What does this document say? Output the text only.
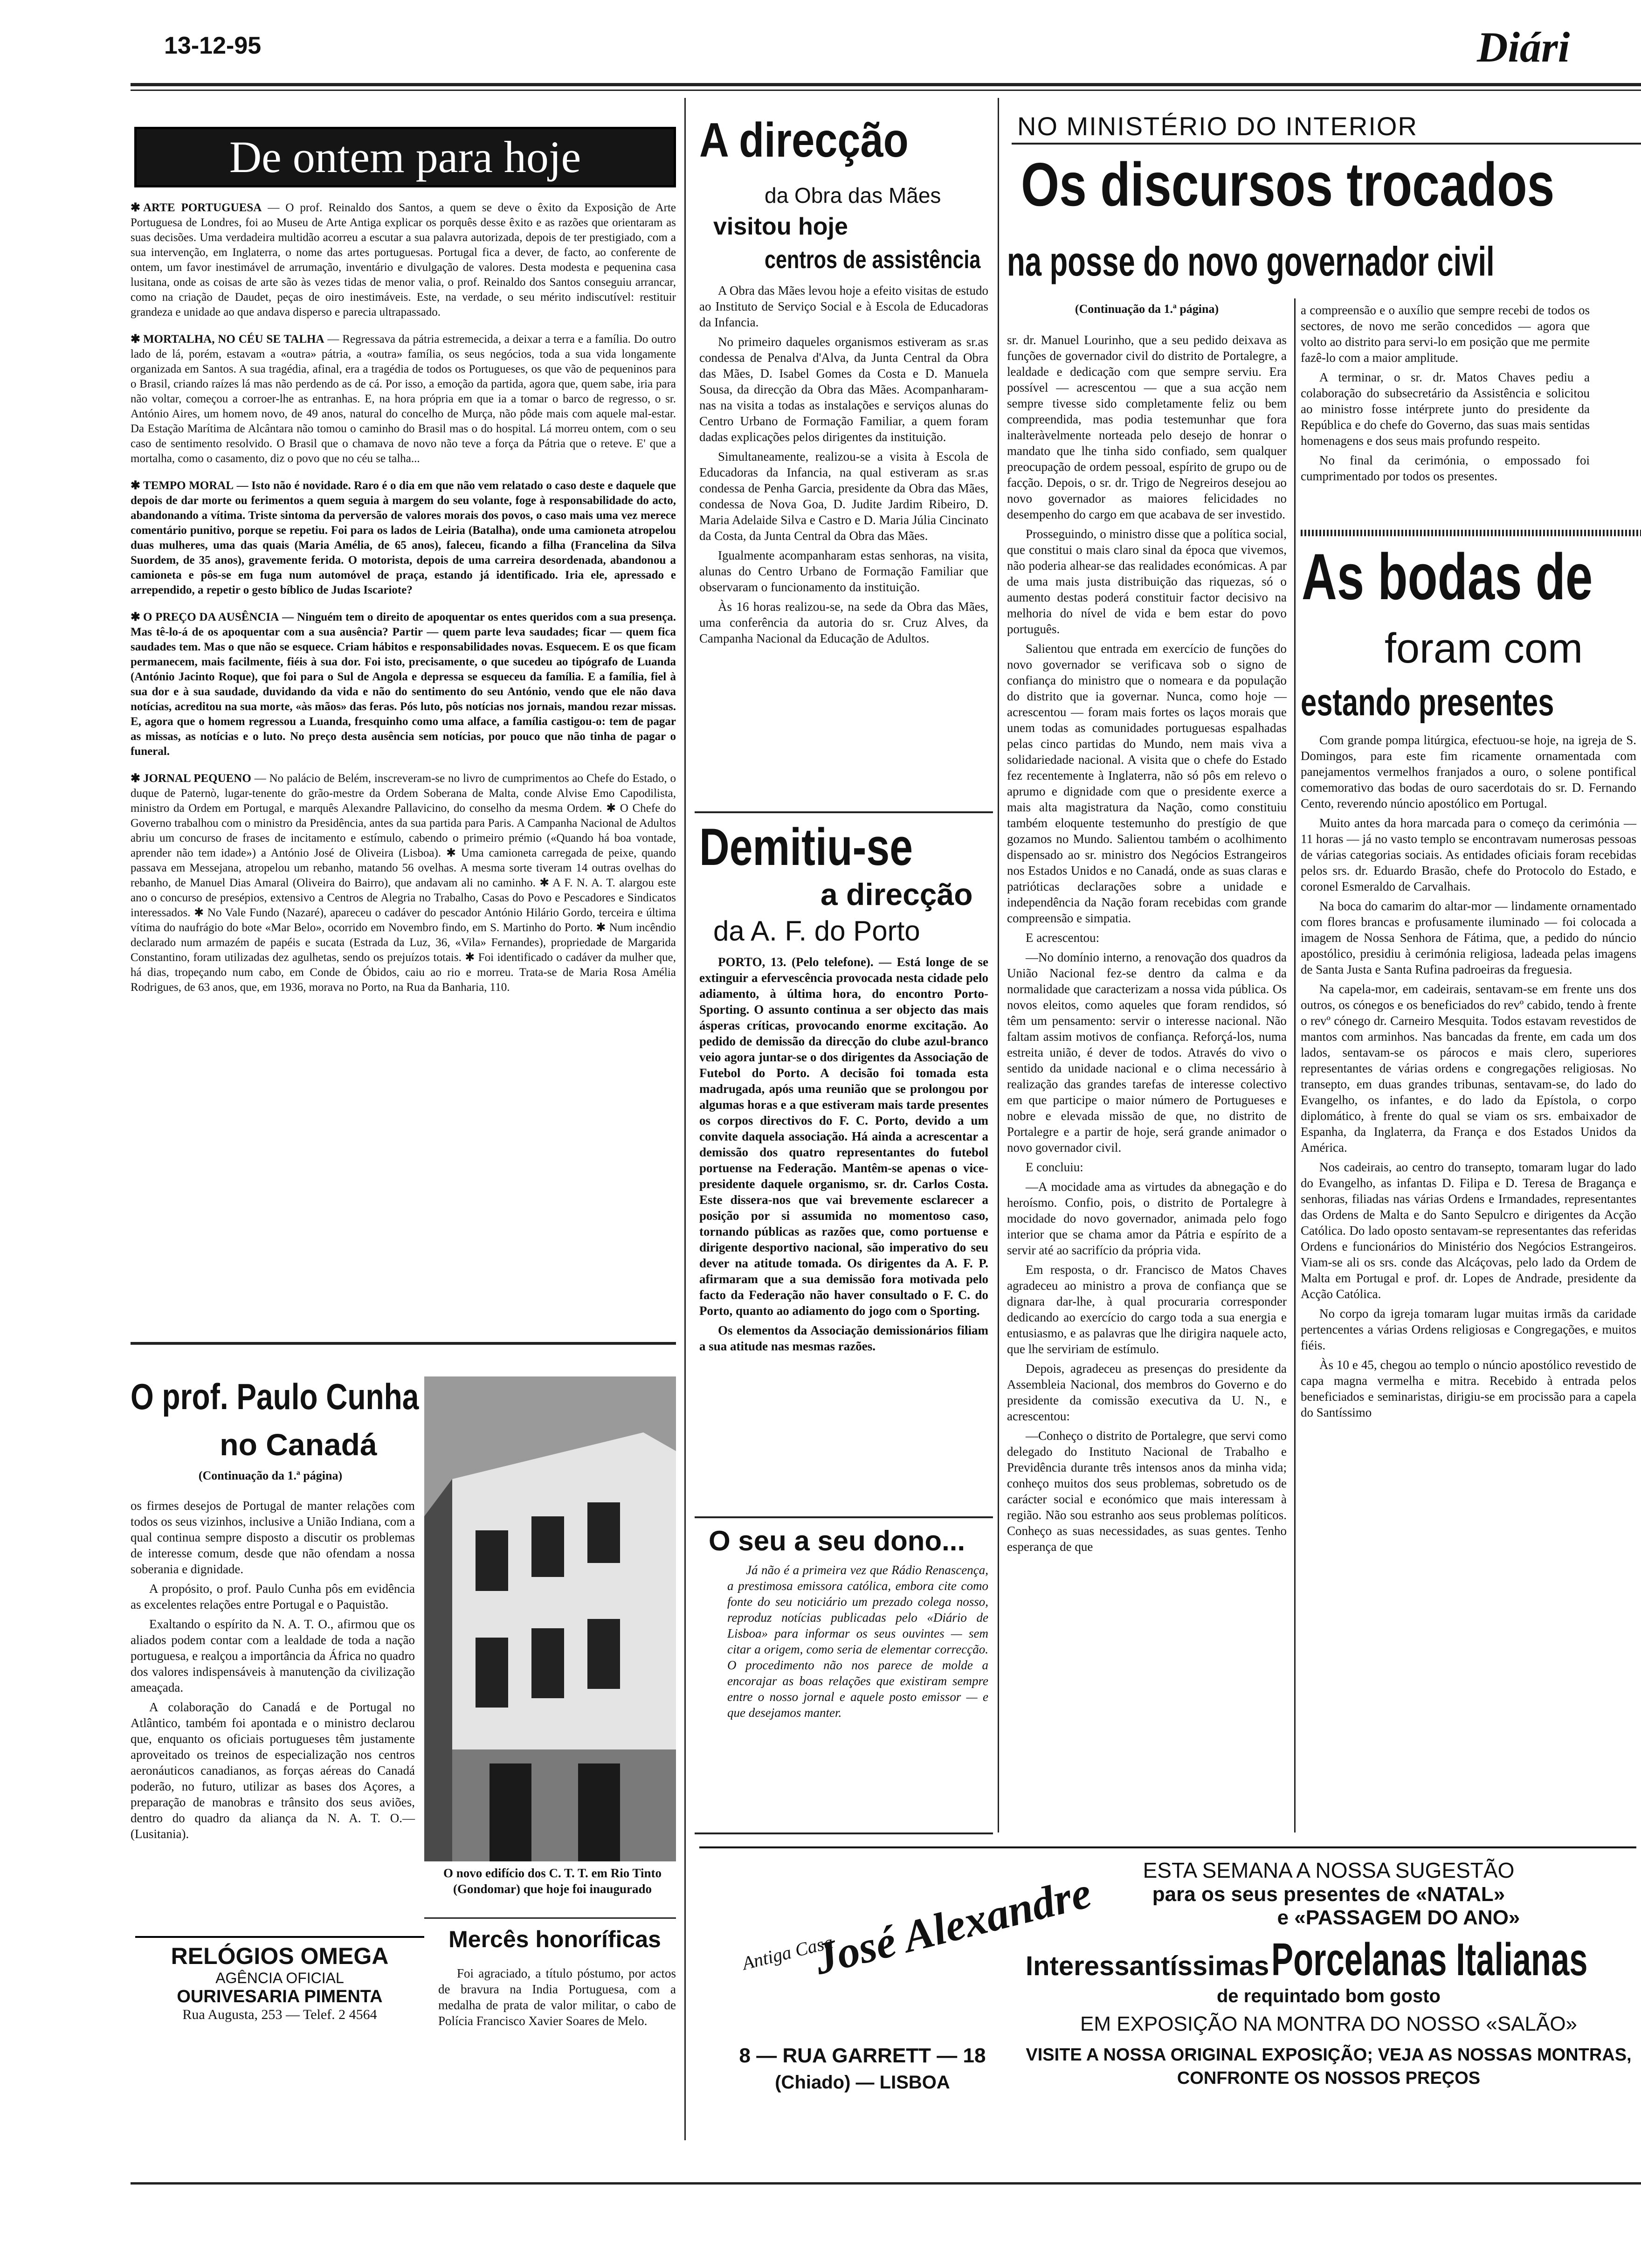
13-12-95	Diári
De ontem para hoje

✱ ARTE PORTUGUESA — O prof. Reinaldo dos Santos, a quem se deve o êxito da Exposição de Arte Portuguesa de Londres, foi ao Museu de Arte Antiga explicar os porquês desse êxito e as razões que orientaram as suas decisões. Uma verdadeira multidão acorreu a escutar a sua palavra autorizada, depois de ter prestigiado, com a sua intervenção, em Inglaterra, o nome das artes portuguesas. Portugal fica a dever, de facto, ao conferente de ontem, um favor inestimável de arrumação, inventário e divulgação de valores. Desta modesta e pequenina casa lusitana, onde as coisas de arte são às vezes tidas de menor valia, o prof. Reinaldo dos Santos conseguiu arrancar, como na criação de Daudet, peças de oiro inestimáveis. Este, na verdade, o seu mérito indiscutível: restituir grandeza e unidade ao que andava disperso e parecia ultrapassado.

✱ MORTALHA, NO CÉU SE TALHA — Regressava da pátria estremecida, a deixar a terra e a família. Do outro lado de lá, porém, estavam a «outra» pátria, a «outra» família, os seus negócios, toda a sua vida longamente organizada em Santos. A sua tragédia, afinal, era a tragédia de todos os Portugueses, os que vão de pequeninos para o Brasil, criando raízes lá mas não perdendo as de cá. Por isso, a emoção da partida, agora que, quem sabe, iria para não voltar, começou a corroer-lhe as entranhas. E, na hora própria em que ia a tomar o barco de regresso, o sr. António Aires, um homem novo, de 49 anos, natural do concelho de Murça, não pôde mais com aquele mal-estar. Da Estação Marítima de Alcântara não tomou o caminho do Brasil mas o do hospital. Lá morreu ontem, com o seu caso de sentimento resolvido. O Brasil que o chamava de novo não teve a força da Pátria que o reteve. E' que a mortalha, como o casamento, diz o povo que no céu se talha...

✱ TEMPO MORAL — Isto não é novidade. Raro é o dia em que não vem relatado o caso deste e daquele que depois de dar morte ou ferimentos a quem seguia à margem do seu volante, foge à responsabilidade do acto, abandonando a vítima. Triste sintoma da perversão de valores morais dos povos, o caso mais uma vez merece comentário punitivo, porque se repetiu. Foi para os lados de Leiria (Batalha), onde uma camioneta atropelou duas mulheres, uma das quais (Maria Amélia, de 65 anos), faleceu, ficando a filha (Francelina da Silva Suordem, de 35 anos), gravemente ferida. O motorista, depois de uma carreira desordenada, abandonou a camioneta e pôs-se em fuga num automóvel de praça, estando já identificado. Iria ele, apressado e arrependido, a repetir o gesto bíblico de Judas Iscariote?

✱ O PREÇO DA AUSÊNCIA — Ninguém tem o direito de apoquentar os entes queridos com a sua presença. Mas tê-lo-á de os apoquentar com a sua ausência? Partir — quem parte leva saudades; ficar — quem fica saudades tem. Mas o que não se esquece. Criam hábitos e responsabilidades novas. Esquecem. E os que ficam permanecem, mais facilmente, fiéis à sua dor. Foi isto, precisamente, o que sucedeu ao tipógrafo de Luanda (António Jacinto Roque), que foi para o Sul de Angola e depressa se esqueceu da família. E a família, fiel à sua dor e à sua saudade, duvidando da vida e não do sentimento do seu António, vendo que ele não dava notícias, acreditou na sua morte, «às mãos» das feras. Pós luto, pôs notícias nos jornais, mandou rezar missas. E, agora que o homem regressou a Luanda, fresquinho como uma alface, a família castigou-o: tem de pagar as missas, as notícias e o luto. No preço desta ausência sem notícias, por pouco que não tinha de pagar o funeral.

✱ JORNAL PEQUENO — No palácio de Belém, inscreveram-se no livro de cumprimentos ao Chefe do Estado, o duque de Paternò, lugar-tenente do grão-mestre da Ordem Soberana de Malta, conde Alvise Emo Capodilista, ministro da Ordem em Portugal, e marquês Alexandre Pallavicino, do conselho da mesma Ordem. ✱ O Chefe do Governo trabalhou com o ministro da Presidência, antes da sua partida para Paris. A Campanha Nacional de Adultos abriu um concurso de frases de incitamento e estímulo, cabendo o primeiro prémio («Quando há boa vontade, aprender não tem idade») a António José de Oliveira (Lisboa). ✱ Uma camioneta carregada de peixe, quando passava em Messejana, atropelou um rebanho, matando 56 ovelhas. A mesma sorte tiveram 14 outras ovelhas do rebanho, de Manuel Dias Amaral (Oliveira do Bairro), que andavam ali no caminho. ✱ A F. N. A. T. alargou este ano o concurso de presépios, extensivo a Centros de Alegria no Trabalho, Casas do Povo e Pescadores e Sindicatos interessados. ✱ No Vale Fundo (Nazaré), apareceu o cadáver do pescador António Hilário Gordo, terceira e última vítima do naufrágio do bote «Mar Belo», ocorrido em Novembro findo, em S. Martinho do Porto. ✱ Num incêndio declarado num armazém de papéis e sucata (Estrada da Luz, 36, «Vila» Fernandes), propriedade de Margarida Constantino, foram utilizadas dez agulhetas, sendo os prejuízos totais. ✱ Foi identificado o cadáver da mulher que, há dias, tropeçando num cabo, em Conde de Óbidos, caiu ao rio e morreu. Trata-se de Maria Rosa Amélia Rodrigues, de 63 anos, que, em 1936, morava no Porto, na Rua da Banharia, 110.

O prof. Paulo Cunha
no Canadá
(Continuação da 1.ª página)

os firmes desejos de Portugal de manter relações com todos os seus vizinhos, inclusive a União Indiana, com a qual continua sempre disposto a discutir os problemas de interesse comum, desde que não ofendam a nossa soberania e dignidade.

A propósito, o prof. Paulo Cunha pôs em evidência as excelentes relações entre Portugal e o Paquistão.

Exaltando o espírito da N. A. T. O., afirmou que os aliados podem contar com a lealdade de toda a nação portuguesa, e realçou a importância da África no quadro dos valores indispensáveis à manutenção da civilização ameaçada.

A colaboração do Canadá e de Portugal no Atlântico, também foi apontada e o ministro declarou que, enquanto os oficiais portugueses têm justamente aproveitado os treinos de especialização nos centros aeronáuticos canadianos, as forças aéreas do Canadá poderão, no futuro, utilizar as bases dos Açores, a preparação de manobras e trânsito dos seus aviões, dentro do quadro da aliança da N. A. T. O.— (Lusitania).

O novo edifício dos C. T. T. em Rio Tinto (Gondomar) que hoje foi inaugurado
RELÓGIOS OMEGA
AGÊNCIA OFICIAL
OURIVESARIA PIMENTA
Rua Augusta, 253 — Telef. 2 4564
Mercês honoríficas
Foi agraciado, a título póstumo, por actos de bravura na India Portuguesa, com a medalha de prata de valor militar, o cabo de Polícia Francisco Xavier Soares de Melo.
A direcção
da Obra das Mães
visitou hoje
centros de assistência

A Obra das Mães levou hoje a efeito visitas de estudo ao Instituto de Serviço Social e à Escola de Educadoras da Infancia.

No primeiro daqueles organismos estiveram as sr.as condessa de Penalva d'Alva, da Junta Central da Obra das Mães, D. Isabel Gomes da Costa e D. Manuela Sousa, da direcção da Obra das Mães. Acompanharam-nas na visita a todas as instalações e serviços alunas do Centro Urbano de Formação Familiar, a quem foram dadas explicações pelos dirigentes da instituição.

Simultaneamente, realizou-se a visita à Escola de Educadoras da Infancia, na qual estiveram as sr.as condessa de Penha Garcia, presidente da Obra das Mães, condessa de Nova Goa, D. Judite Jardim Ribeiro, D. Maria Adelaide Silva e Castro e D. Maria Júlia Cincinato da Costa, da Junta Central da Obra das Mães.

Igualmente acompanharam estas senhoras, na visita, alunas do Centro Urbano de Formação Familiar que observaram o funcionamento da instituição.

Às 16 horas realizou-se, na sede da Obra das Mães, uma conferência da autoria do sr. Cruz Alves, da Campanha Nacional da Educação de Adultos.

Demitiu-se
a direcção
da A. F. do Porto

PORTO, 13. (Pelo telefone). — Está longe de se extinguir a efervescência provocada nesta cidade pelo adiamento, à última hora, do encontro Porto-Sporting. O assunto continua a ser objecto das mais ásperas críticas, provocando enorme excitação. Ao pedido de demissão da direcção do clube azul-branco veio agora juntar-se o dos dirigentes da Associação de Futebol do Porto. A decisão foi tomada esta madrugada, após uma reunião que se prolongou por algumas horas e a que estiveram mais tarde presentes os corpos directivos do F. C. Porto, devido a um convite daquela associação. Há ainda a acrescentar a demissão dos quatro representantes do futebol portuense na Federação. Mantêm-se apenas o vice-presidente daquele organismo, sr. dr. Carlos Costa. Este dissera-nos que vai brevemente esclarecer a posição por si assumida no momentoso caso, tornando públicas as razões que, como portuense e dirigente desportivo nacional, são imperativo do seu dever na atitude tomada. Os dirigentes da A. F. P. afirmaram que a sua demissão fora motivada pelo facto da Federação não haver consultado o F. C. do Porto, quanto ao adiamento do jogo com o Sporting.

Os elementos da Associação demissionários filiam a sua atitude nas mesmas razões.

O seu a seu dono...
Já não é a primeira vez que Rádio Renascença, a prestimosa emissora católica, embora cite como fonte do seu noticiário um prezado colega nosso, reproduz notícias publicadas pelo «Diário de Lisboa» para informar os seus ouvintes — sem citar a origem, como seria de elementar correcção. O procedimento não nos parece de molde a encorajar as boas relações que existiram sempre entre o nosso jornal e aquele posto emissor — e que desejamos manter.
NO MINISTÉRIO DO INTERIOR
Os discursos trocados
na posse do novo governador civil
(Continuação da 1.ª página)

sr. dr. Manuel Lourinho, que a seu pedido deixava as funções de governador civil do distrito de Portalegre, a lealdade e dedicação com que sempre serviu. Era possível — acrescentou — que a sua acção nem sempre tivesse sido completamente feliz ou bem compreendida, mas podia testemunhar que fora inalteràvelmente norteada pelo desejo de honrar o mandato que lhe tinha sido confiado, sem qualquer preocupação de ordem pessoal, espírito de grupo ou de facção. Depois, o sr. dr. Trigo de Negreiros desejou ao novo governador as maiores felicidades no desempenho do cargo em que acabava de ser investido.

Prosseguindo, o ministro disse que a política social, que constitui o mais claro sinal da época que vivemos, não poderia alhear-se das realidades económicas. A par de uma mais justa distribuição das riquezas, só o aumento destas poderá constituir factor decisivo na melhoria do nível de vida e bem estar do povo português.

Salientou que entrada em exercício de funções do novo governador se verificava sob o signo de confiança do ministro que o nomeara e da população do distrito que ia governar. Nunca, como hoje — acrescentou — foram mais fortes os laços morais que unem todas as comunidades portuguesas espalhadas pelas cinco partidas do Mundo, nem mais viva a solidariedade nacional. A visita que o chefe do Estado fez recentemente à Inglaterra, não só pôs em relevo o aprumo e dignidade com que o presidente exerce a mais alta magistratura da Nação, como constituiu também eloquente testemunho do prestígio de que gozamos no Mundo. Salientou também o acolhimento dispensado ao sr. ministro dos Negócios Estrangeiros nos Estados Unidos e no Canadá, onde as suas claras e patrióticas declarações sobre a unidade e independência da Nação foram recebidas com grande compreensão e simpatia.

E acrescentou:

—No domínio interno, a renovação dos quadros da União Nacional fez-se dentro da calma e da normalidade que caracterizam a nossa vida pública. Os novos eleitos, como aqueles que foram rendidos, só têm um pensamento: servir o interesse nacional. Não faltam assim motivos de confiança. Reforçá-los, numa estreita união, é dever de todos. Através do vivo o sentido da unidade nacional e o clima necessário à realização das grandes tarefas de interesse colectivo em que participe o maior número de Portugueses e nobre e elevada missão de que, no distrito de Portalegre e a partir de hoje, será grande animador o novo governador civil.

E concluiu:

—A mocidade ama as virtudes da abnegação e do heroísmo. Confio, pois, o distrito de Portalegre à mocidade do novo governador, animada pelo fogo interior que se chama amor da Pátria e espírito de a servir até ao sacrifício da própria vida.

Em resposta, o dr. Francisco de Matos Chaves agradeceu ao ministro a prova de confiança que se dignara dar-lhe, à qual procuraria corresponder dedicando ao exercício do cargo toda a sua energia e entusiasmo, e as palavras que lhe dirigira naquele acto, que lhe serviriam de estímulo.

Depois, agradeceu as presenças do presidente da Assembleia Nacional, dos membros do Governo e do presidente da comissão executiva da U. N., e acrescentou:

—Conheço o distrito de Portalegre, que servi como delegado do Instituto Nacional de Trabalho e Previdência durante três intensos anos da minha vida; conheço muitos dos seus problemas, sobretudo os de carácter social e económico que mais interessam à região. Não sou estranho aos seus problemas políticos. Conheço as suas necessidades, as suas gentes. Tenho esperança de que

a compreensão e o auxílio que sempre recebi de todos os sectores, de novo me serão concedidos — agora que volto ao distrito para servi-lo em posição que me permite fazê-lo com a maior amplitude.

A terminar, o sr. dr. Matos Chaves pediu a colaboração do subsecretário da Assistência e solicitou ao ministro fosse intérprete junto do presidente da República e do chefe do Governo, das suas mais sentidas homenagens e dos seus mais profundo respeito.

No final da cerimónia, o empossado foi cumprimentado por todos os presentes.

As bodas de
foram com
estando presentes

Com grande pompa litúrgica, efectuou-se hoje, na igreja de S. Domingos, para este fim ricamente ornamentada com panejamentos vermelhos franjados a ouro, o solene pontifical comemorativo das bodas de ouro sacerdotais do sr. D. Fernando Cento, reverendo núncio apostólico em Portugal.

Muito antes da hora marcada para o começo da cerimónia — 11 horas — já no vasto templo se encontravam numerosas pessoas de várias categorias sociais. As entidades oficiais foram recebidas pelos srs. dr. Eduardo Brasão, chefe do Protocolo do Estado, e coronel Esmeraldo de Carvalhais.

Na boca do camarim do altar-mor — lindamente ornamentado com flores brancas e profusamente iluminado — foi colocada a imagem de Nossa Senhora de Fátima, que, a pedido do núncio apostólico, presidiu à cerimónia religiosa, ladeada pelas imagens de Santa Justa e Santa Rufina padroeiras da freguesia.

Na capela-mor, em cadeirais, sentavam-se em frente uns dos outros, os cónegos e os beneficiados do revº cabido, tendo à frente o revº cónego dr. Carneiro Mesquita. Todos estavam revestidos de mantos com arminhos. Nas bancadas da frente, em cada um dos lados, sentavam-se os párocos e mais clero, superiores representantes de várias ordens e congregações religiosas. No transepto, em duas grandes tribunas, sentavam-se, do lado do Evangelho, os infantes, e do lado da Epístola, o corpo diplomático, à frente do qual se viam os srs. embaixador de Espanha, da Inglaterra, da França e dos Estados Unidos da América.

Nos cadeirais, ao centro do transepto, tomaram lugar do lado do Evangelho, as infantas D. Filipa e D. Teresa de Bragança e senhoras, filiadas nas várias Ordens e Irmandades, representantes das Ordens de Malta e do Santo Sepulcro e dirigentes da Acção Católica. Do lado oposto sentavam-se representantes das referidas Ordens e funcionários do Ministério dos Negócios Estrangeiros. Viam-se ali os srs. conde das Alcáçovas, pelo lado da Ordem de Malta em Portugal e prof. dr. Lopes de Andrade, presidente da Acção Católica.

No corpo da igreja tomaram lugar muitas irmãs da caridade pertencentes a várias Ordens religiosas e Congregações, e muitos fiéis.

Às 10 e 45, chegou ao templo o núncio apostólico revestido de capa magna vermelha e mitra. Recebido à entrada pelos beneficiados e seminaristas, dirigiu-se em procissão para a capela do Santíssimo

Antiga Casa
José Alexandre
8 — RUA GARRETT — 18
(Chiado) — LISBOA
ESTA SEMANA A NOSSA SUGESTÃO
para os seus presentes de «NATAL»
e «PASSAGEM DO ANO»
Interessantíssimas Porcelanas Italianas
de requintado bom gosto
EM EXPOSIÇÃO NA MONTRA DO NOSSO «SALÃO»
VISITE A NOSSA ORIGINAL EXPOSIÇÃO; VEJA AS NOSSAS MONTRAS, CONFRONTE OS NOSSOS PREÇOS
